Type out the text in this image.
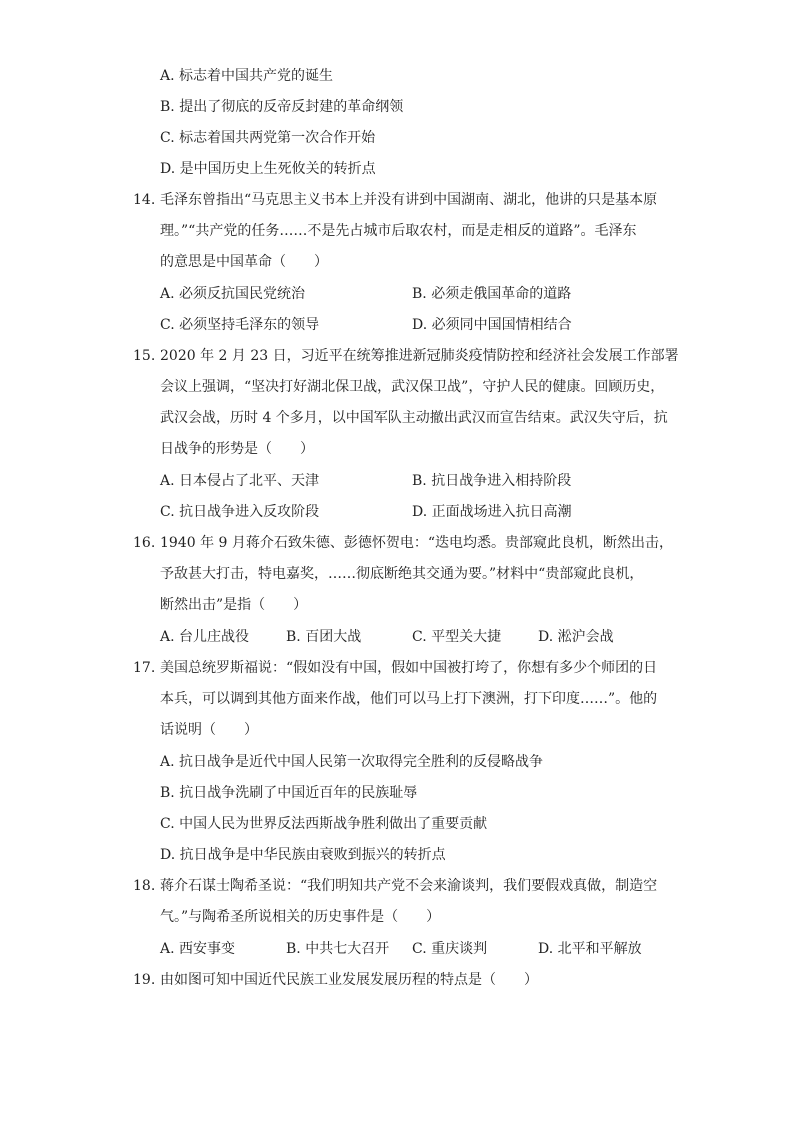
A. 标志着中国共产党的诞生
B. 提出了彻底的反帝反封建的革命纲领
C. 标志着国共两党第一次合作开始
D. 是中国历史上生死攸关的转折点
14. 毛泽东曾指出“马克思主义书本上并没有讲到中国湖南、湖北，他讲的只是基本原
理。”“共产党的任务……不是先占城市后取农村，而是走相反的道路”。毛泽东
的意思是中国革命（　　）
A. 必须反抗国民党统治	B. 必须走俄国革命的道路
C. 必须坚持毛泽东的领导	D. 必须同中国国情相结合
15. 2020 年 2 月 23 日，习近平在统筹推进新冠肺炎疫情防控和经济社会发展工作部署
会议上强调，“坚决打好湖北保卫战，武汉保卫战”，守护人民的健康。回顾历史，
武汉会战，历时 4 个多月，以中国军队主动撤出武汉而宣告结束。武汉失守后，抗
日战争的形势是（　　）
A. 日本侵占了北平、天津	B. 抗日战争进入相持阶段
C. 抗日战争进入反攻阶段	D. 正面战场进入抗日高潮
16. 1940 年 9 月蒋介石致朱德、彭德怀贺电：“迭电均悉。贵部窥此良机，断然出击，
予敌甚大打击，特电嘉奖，……彻底断绝其交通为要。”材料中“贵部窥此良机，
断然出击”是指（　　）
A. 台儿庄战役	B. 百团大战	C. 平型关大捷	D. 淞沪会战
17. 美国总统罗斯福说：“假如没有中国，假如中国被打垮了，你想有多少个师团的日
本兵，可以调到其他方面来作战，他们可以马上打下澳洲，打下印度……”。他的
话说明（　　）
A. 抗日战争是近代中国人民第一次取得完全胜利的反侵略战争
B. 抗日战争洗刷了中国近百年的民族耻辱
C. 中国人民为世界反法西斯战争胜利做出了重要贡献
D. 抗日战争是中华民族由衰败到振兴的转折点
18. 蒋介石谋士陶希圣说：“我们明知共产党不会来渝谈判，我们要假戏真做，制造空
气。”与陶希圣所说相关的历史事件是（　　）
A. 西安事变	B. 中共七大召开 C. 重庆谈判	D. 北平和平解放
19. 由如图可知中国近代民族工业发展发展历程的特点是（　　）
